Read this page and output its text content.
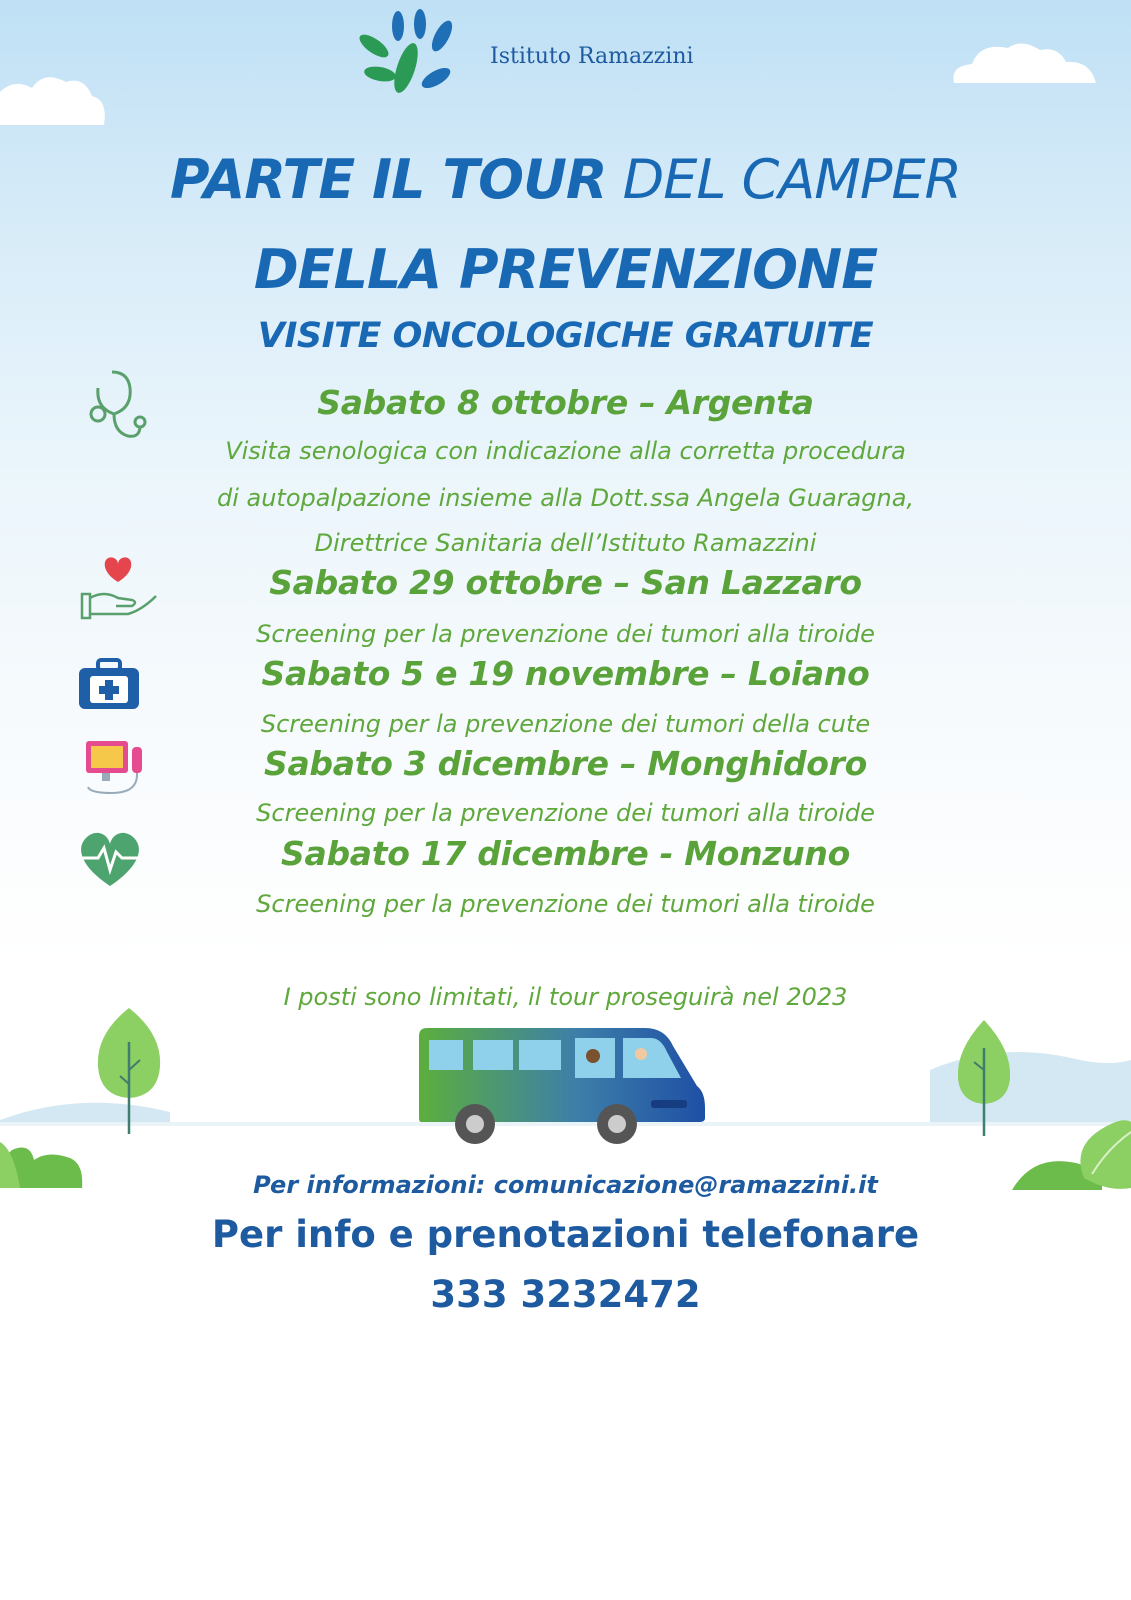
Istituto Ramazzini
PARTE IL TOUR DEL CAMPER
DELLA PREVENZIONE
VISITE ONCOLOGICHE GRATUITE
Sabato 8 ottobre – Argenta
Visita senologica con indicazione alla corretta procedura
di autopalpazione insieme alla Dott.ssa Angela Guaragna,
Direttrice Sanitaria dell’Istituto Ramazzini
Sabato 29 ottobre – San Lazzaro
Screening per la prevenzione dei tumori alla tiroide
Sabato 5 e 19 novembre – Loiano
Screening per la prevenzione dei tumori della cute
Sabato 3 dicembre – Monghidoro
Screening per la prevenzione dei tumori alla tiroide
Sabato 17 dicembre - Monzuno
Screening per la prevenzione dei tumori alla tiroide
I posti sono limitati, il tour proseguirà nel 2023
Per informazioni: comunicazione@ramazzini.it
Per info e prenotazioni telefonare
333 3232472
